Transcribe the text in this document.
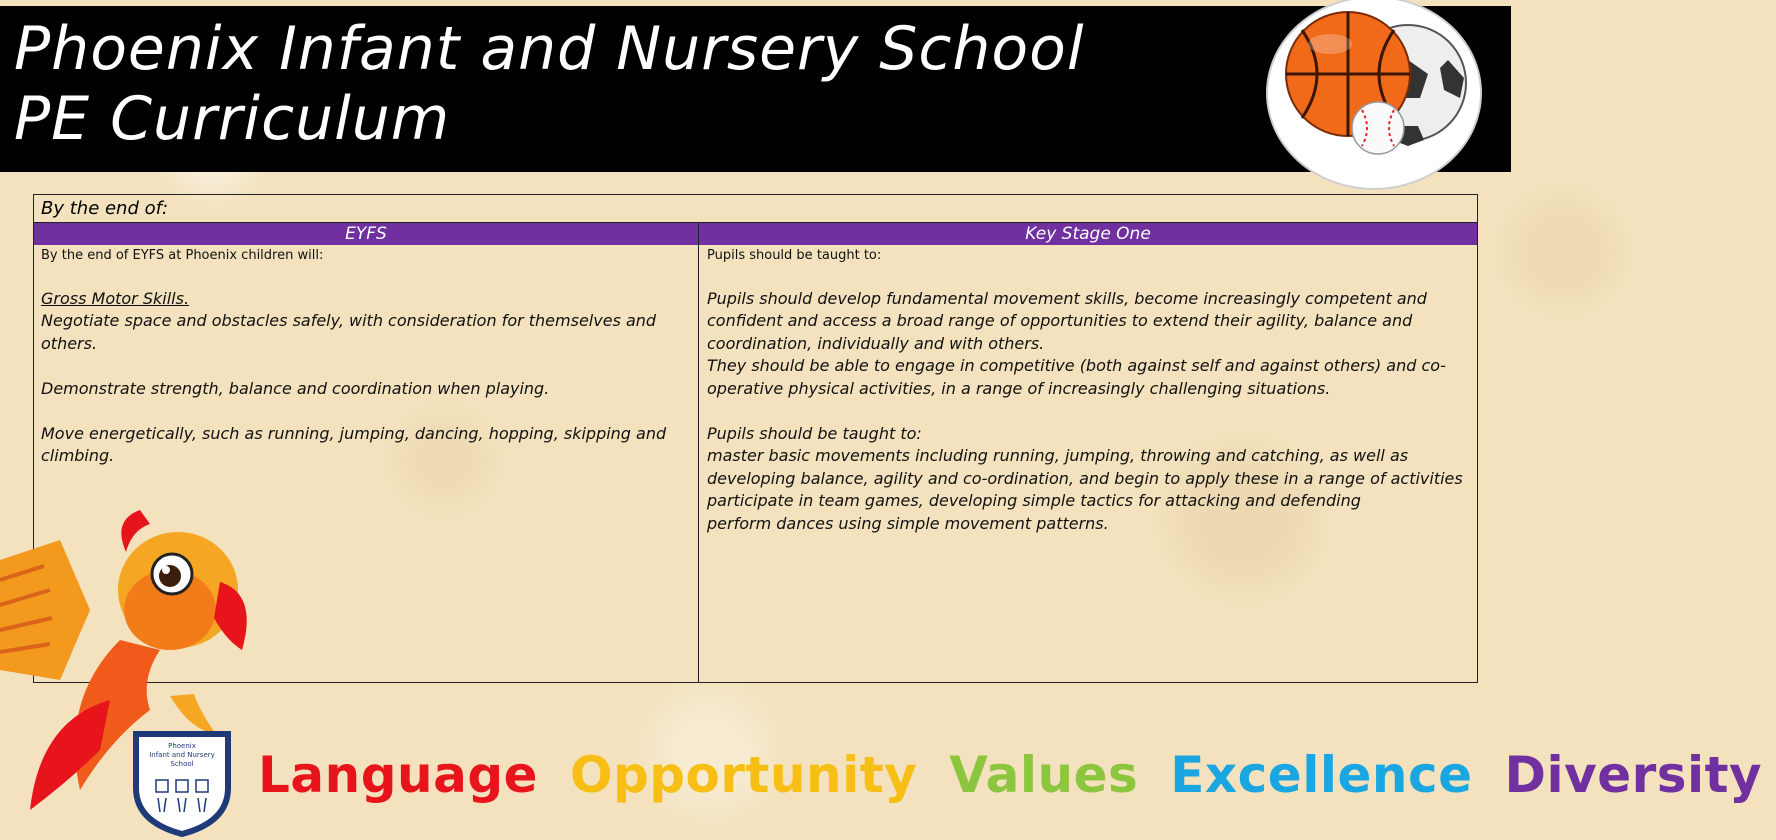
Phoenix Infant and Nursery School
PE Curriculum
By the end of:
EYFS	Key Stage One

By the end of EYFS at Phoenix children will:

Gross Motor Skills.

Negotiate space and obstacles safely, with consideration for themselves and others.

Demonstrate strength, balance and coordination when playing.

Move energetically, such as running, jumping, dancing, hopping, skipping and climbing.

Pupils should be taught to:

Pupils should develop fundamental movement skills, become increasingly competent and confident and access a broad range of opportunities to extend their agility, balance and coordination, individually and with others.

They should be able to engage in competitive (both against self and against others) and co-operative physical activities, in a range of increasingly challenging situations.

Pupils should be taught to:

master basic movements including running, jumping, throwing and catching, as well as developing balance, agility and co-ordination, and begin to apply these in a range of activities

participate in team games, developing simple tactics for attacking and defending

perform dances using simple movement patterns.

Phoenix
Infant and Nursery
School	Language Opportunity Values Excellence Diversity
